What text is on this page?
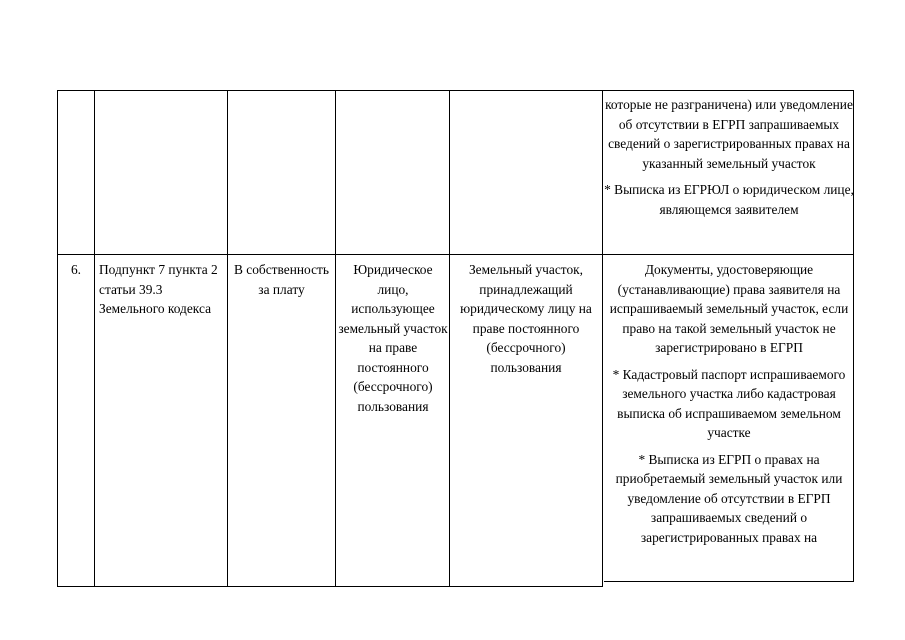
которые не разграничена) или уведомление об отсутствии в ЕГРП запрашиваемых сведений о зарегистрированных правах на указанный земельный участок
* Выписка из ЕГРЮЛ о юридическом лице, являющемся заявителем
6.	Подпункт 7 пункта 2 статьи 39.3 Земельного кодекса
В собственность за плату
Юридическое лицо, использующее земельный участок на праве постоянного (бессрочного) пользования
Земельный участок, принадлежащий юридическому лицу на праве постоянного (бессрочного) пользования
Документы, удостоверяющие (устанавливающие) права заявителя на испрашиваемый земельный участок, если право на такой земельный участок не зарегистрировано в ЕГРП
* Кадастровый паспорт испрашиваемого земельного участка либо кадастровая выписка об испрашиваемом земельном участке
* Выписка из ЕГРП о правах на приобретаемый земельный участок или уведомление об отсутствии в ЕГРП запрашиваемых сведений о зарегистрированных правах на
